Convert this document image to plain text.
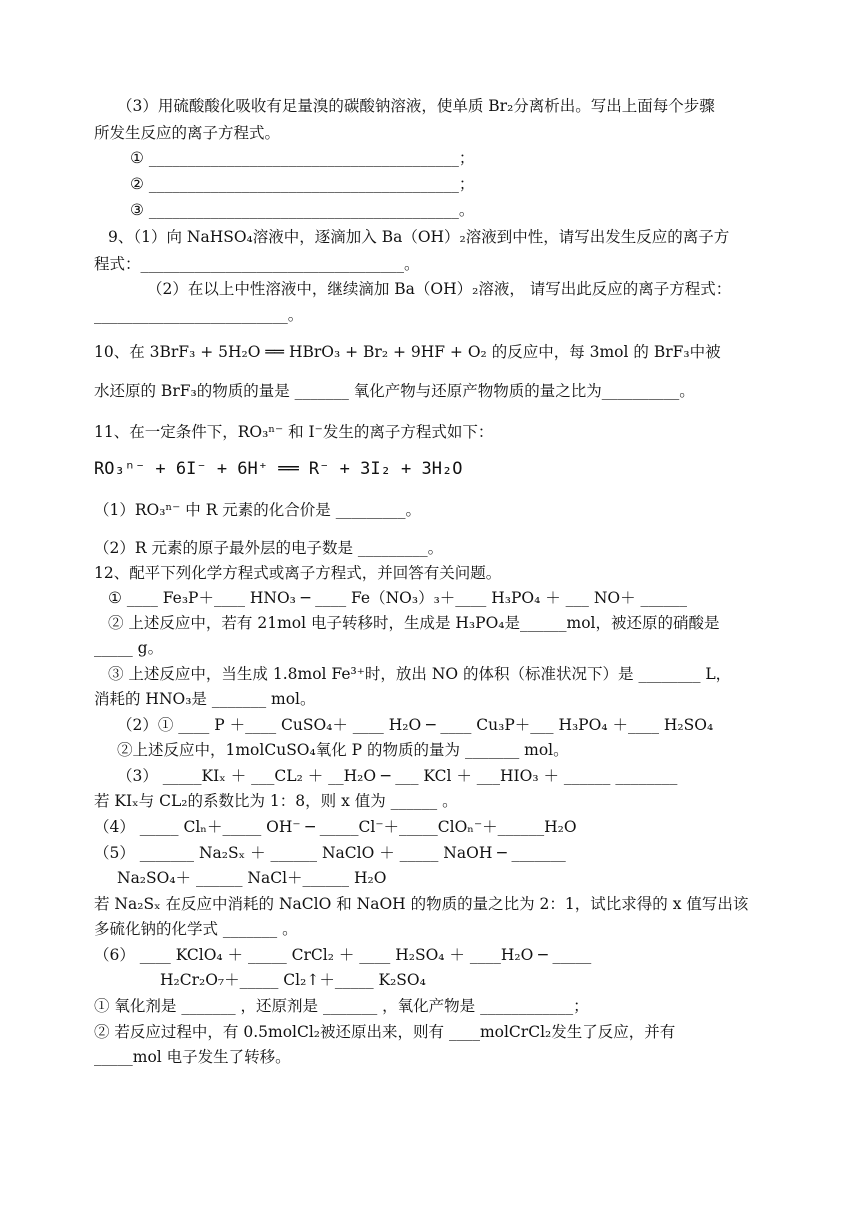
（3）用硫酸酸化吸收有足量溴的碳酸钠溶液，使单质 Br₂分离析出。写出上面每个步骤
所发生反应的离子方程式。
① ________________________________________；
② ________________________________________；
③ ________________________________________。
9、（1）向 NaHSO₄溶液中，逐滴加入 Ba（OH）₂溶液到中性，请写出发生反应的离子方
程式：__________________________________。
（2）在以上中性溶液中，继续滴加 Ba（OH）₂溶液， 请写出此反应的离子方程式：
_________________________。
10、在 3BrF₃ + 5H₂O ══ HBrO₃ + Br₂ + 9HF + O₂ 的反应中，每 3mol 的 BrF₃中被
水还原的 BrF₃的物质的量是 _______ 氧化产物与还原产物物质的量之比为__________。
11、在一定条件下，RO₃ⁿ⁻ 和 I⁻发生的离子方程式如下：
RO₃ⁿ⁻ + 6I⁻ + 6H⁺ ══ R⁻ + 3I₂ + 3H₂O
（1）RO₃ⁿ⁻ 中 R 元素的化合价是 _________。
（2）R 元素的原子最外层的电子数是 _________。
12、配平下列化学方程式或离子方程式，并回答有关问题。
① ____ Fe₃P＋____ HNO₃ ─ ____ Fe（NO₃）₃＋____ H₃PO₄ ＋ ___ NO＋ ______
② 上述反应中，若有 21mol 电子转移时，生成是 H₃PO₄是______mol，被还原的硝酸是
_____ g。
③ 上述反应中，当生成 1.8mol Fe³⁺时，放出 NO 的体积（标准状况下）是 ________ L，
消耗的 HNO₃是 _______ mol。
（2）① ____ P ＋____ CuSO₄＋ ____ H₂O ─ ____ Cu₃P＋___ H₃PO₄ ＋____ H₂SO₄
②上述反应中，1molCuSO₄氧化 P 的物质的量为 _______ mol。
（3） _____KIₓ ＋ ___CL₂ ＋ __H₂O ─ ___ KCl ＋ ___HIO₃ ＋ ______ ________
若 KIₓ与 CL₂的系数比为 1：8，则 x 值为 ______ 。
（4） _____ Clₙ＋_____ OH⁻ ─ _____Cl⁻＋_____ClOₙ⁻＋______H₂O
（5） _______ Na₂Sₓ ＋ ______ NaClO ＋ _____ NaOH ─ _______
Na₂SO₄＋ ______ NaCl＋______ H₂O
若 Na₂Sₓ 在反应中消耗的 NaClO 和 NaOH 的物质的量之比为 2：1，试比求得的 x 值写出该
多硫化钠的化学式 _______ 。
（6） ____ KClO₄ ＋ _____ CrCl₂ ＋ ____ H₂SO₄ ＋ ____H₂O ─ _____
H₂Cr₂O₇＋_____ Cl₂↑＋_____ K₂SO₄
① 氧化剂是 _______ ，还原剂是 _______ ，氧化产物是 ____________；
② 若反应过程中，有 0.5molCl₂被还原出来，则有 ____molCrCl₂发生了反应，并有
_____mol 电子发生了转移。
